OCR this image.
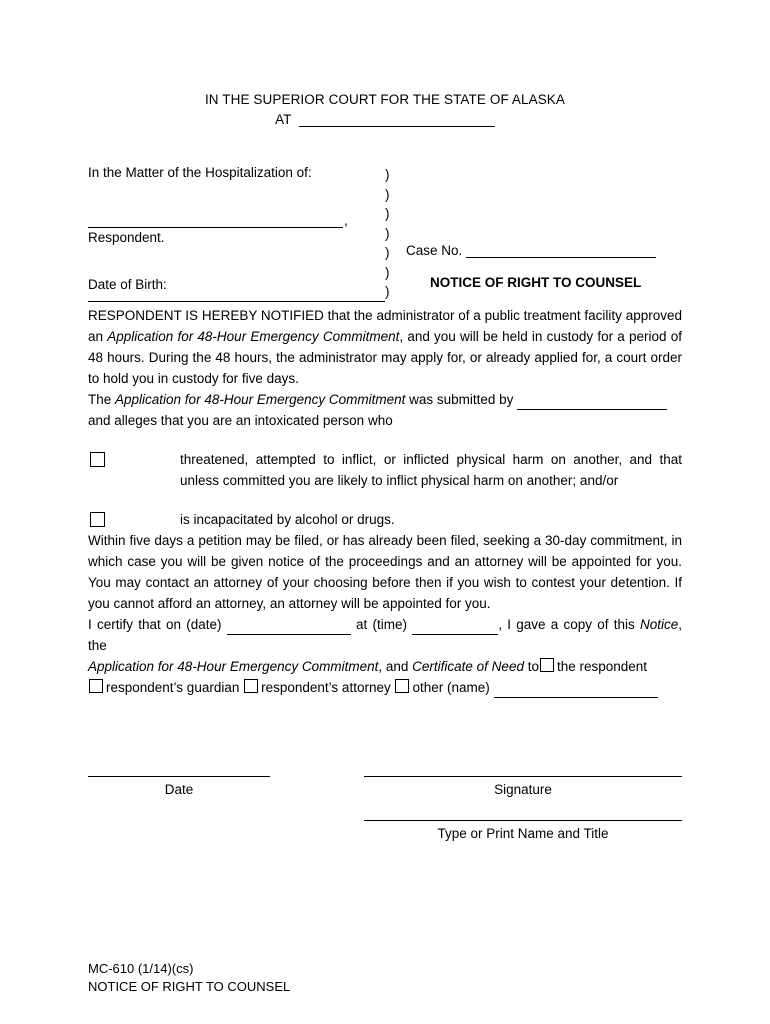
IN THE SUPERIOR COURT FOR THE STATE OF ALASKA
AT
In the Matter of the Hospitalization of:
,
Respondent.
Date of Birth:
)
)
)
)
)
)
)
Case No.
NOTICE OF RIGHT TO COUNSEL

RESPONDENT IS HEREBY NOTIFIED that the administrator of a public treatment facility approved an Application for 48-Hour Emergency Commitment, and you will be held in custody for a period of 48 hours. During the 48 hours, the administrator may apply for, or already applied for, a court order to hold you in custody for five days.

The Application for 48-Hour Emergency Commitment was submitted by
and alleges that you are an intoxicated person who

threatened, attempted to inflict, or inflicted physical harm on another, and that unless committed you are likely to inflict physical harm on another; and/or
is incapacitated by alcohol or drugs.

Within five days a petition may be filed, or has already been filed, seeking a 30-day commitment, in which case you will be given notice of the proceedings and an attorney will be appointed for you. You may contact an attorney of your choosing before then if you wish to contest your detention. If you cannot afford an attorney, an attorney will be appointed for you.

I certify that on (date)	at (time)	, I gave a copy of this Notice, the
Application for 48-Hour Emergency Commitment, and Certificate of Need to the respondent
respondent’s guardian respondent’s attorney other (name)

Date	Signature
Type or Print Name and Title
MC-610 (1/14)(cs)
NOTICE OF RIGHT TO COUNSEL
